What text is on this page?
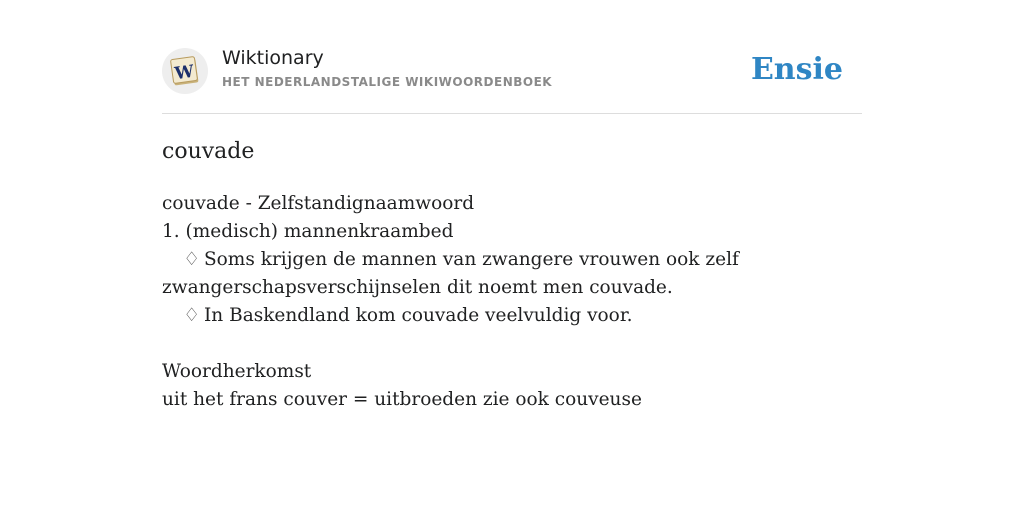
W
Wiktionary
HET NEDERLANDSTALIGE WIKIWOORDENBOEK	Ensie
couvade
couvade - Zelfstandignaamwoord
1. (medisch) mannenkraambed
♢ Soms krijgen de mannen van zwangere vrouwen ook zelf
zwangerschapsverschijnselen dit noemt men couvade.
♢ In Baskendland kom couvade veelvuldig voor.
Woordherkomst
uit het frans couver = uitbroeden zie ook couveuse
